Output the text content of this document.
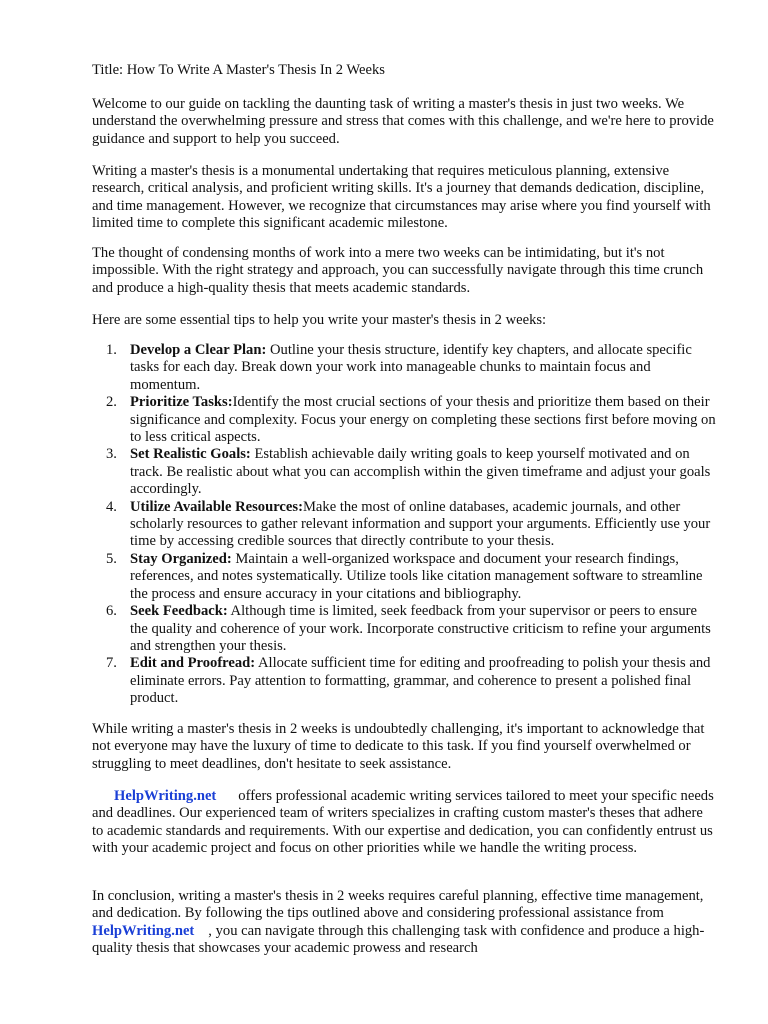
Title: How To Write A Master's Thesis In 2 Weeks

Welcome to our guide on tackling the daunting task of writing a master's thesis in just two weeks. We understand the overwhelming pressure and stress that comes with this challenge, and we're here to provide guidance and support to help you succeed.

Writing a master's thesis is a monumental undertaking that requires meticulous planning, extensive research, critical analysis, and proficient writing skills. It's a journey that demands dedication, discipline, and time management. However, we recognize that circumstances may arise where you find yourself with limited time to complete this significant academic milestone.

The thought of condensing months of work into a mere two weeks can be intimidating, but it's not impossible. With the right strategy and approach, you can successfully navigate through this time crunch and produce a high-quality thesis that meets academic standards.

Here are some essential tips to help you write your master's thesis in 2 weeks:

1. Develop a Clear Plan: Outline your thesis structure, identify key chapters, and allocate specific tasks for each day. Break down your work into manageable chunks to maintain focus and momentum.
2. Prioritize Tasks:Identify the most crucial sections of your thesis and prioritize them based on their significance and complexity. Focus your energy on completing these sections first before moving on to less critical aspects.
3. Set Realistic Goals: Establish achievable daily writing goals to keep yourself motivated and on track. Be realistic about what you can accomplish within the given timeframe and adjust your goals accordingly.
4. Utilize Available Resources:Make the most of online databases, academic journals, and other scholarly resources to gather relevant information and support your arguments. Efficiently use your time by accessing credible sources that directly contribute to your thesis.
5. Stay Organized: Maintain a well-organized workspace and document your research findings, references, and notes systematically. Utilize tools like citation management software to streamline the process and ensure accuracy in your citations and bibliography.
6. Seek Feedback: Although time is limited, seek feedback from your supervisor or peers to ensure the quality and coherence of your work. Incorporate constructive criticism to refine your arguments and strengthen your thesis.
7. Edit and Proofread: Allocate sufficient time for editing and proofreading to polish your thesis and eliminate errors. Pay attention to formatting, grammar, and coherence to present a polished final product.

While writing a master's thesis in 2 weeks is undoubtedly challenging, it's important to acknowledge that not everyone may have the luxury of time to dedicate to this task. If you find yourself overwhelmed or struggling to meet deadlines, don't hesitate to seek assistance.

HelpWriting.net offers professional academic writing services tailored to meet your specific needs and deadlines. Our experienced team of writers specializes in crafting custom master's theses that adhere to academic standards and requirements. With our expertise and dedication, you can confidently entrust us with your academic project and focus on other priorities while we handle the writing process.

In conclusion, writing a master's thesis in 2 weeks requires careful planning, effective time management, and dedication. By following the tips outlined above and considering professional assistance fromHelpWriting.net , you can navigate through this challenging task with confidence and produce a high-quality thesis that showcases your academic prowess and research
